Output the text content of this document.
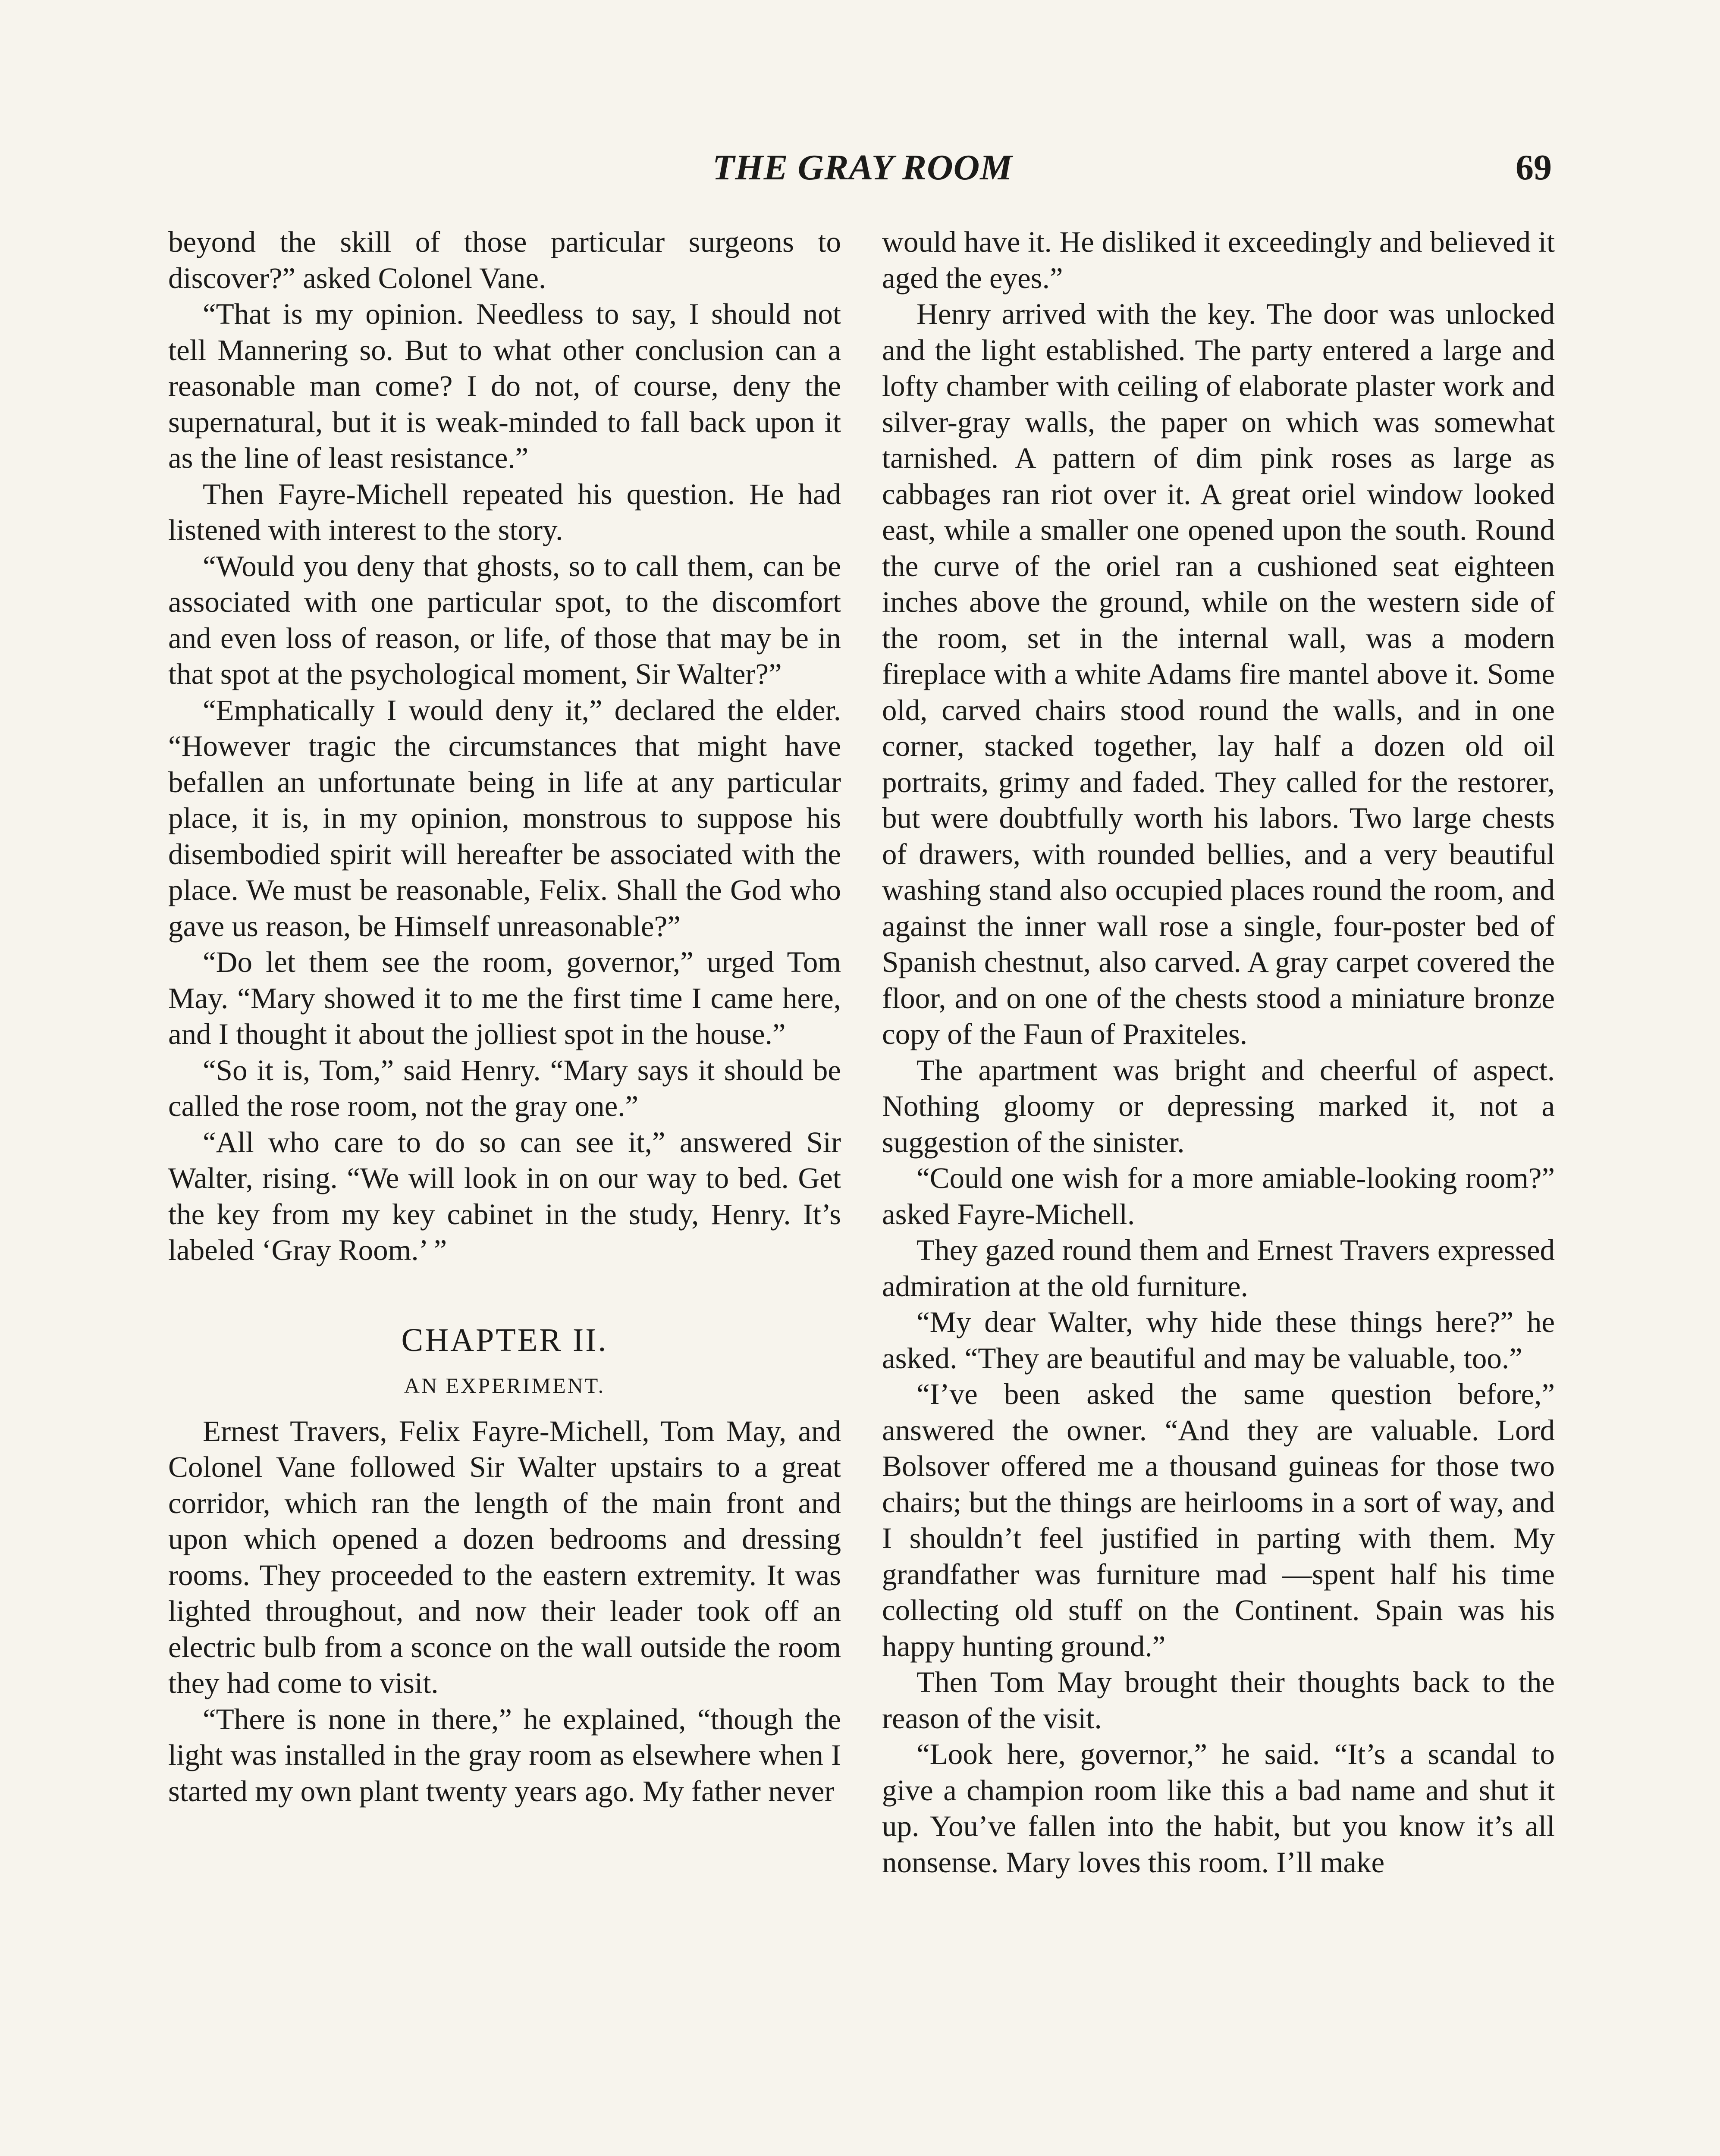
THE GRAY ROOM	69

beyond the skill of those particular surgeons to discover?” asked Colonel Vane.

“That is my opinion. Needless to say, I should not tell Mannering so. But to what other conclusion can a reasonable man come? I do not, of course, deny the supernatural, but it is weak-minded to fall back upon it as the line of least resistance.”

Then Fayre-Michell repeated his question. He had listened with interest to the story.

“Would you deny that ghosts, so to call them, can be associated with one particular spot, to the discomfort and even loss of reason, or life, of those that may be in that spot at the psychological moment, Sir Walter?”

“Emphatically I would deny it,” declared the elder. “However tragic the circumstances that might have befallen an unfortunate being in life at any particular place, it is, in my opinion, monstrous to suppose his disembodied spirit will hereafter be associated with the place. We must be reasonable, Felix. Shall the God who gave us reason, be Himself unreasonable?”

“Do let them see the room, governor,” urged Tom May. “Mary showed it to me the first time I came here, and I thought it about the jolliest spot in the house.”

“So it is, Tom,” said Henry. “Mary says it should be called the rose room, not the gray one.”

“All who care to do so can see it,” answered Sir Walter, rising. “We will look in on our way to bed. Get the key from my key cabinet in the study, Henry. It’s labeled ‘Gray Room.’ ”

CHAPTER II.
AN EXPERIMENT.

Ernest Travers, Felix Fayre-Michell, Tom May, and Colonel Vane followed Sir Walter upstairs to a great corridor, which ran the length of the main front and upon which opened a dozen bedrooms and dressing rooms. They proceeded to the eastern extremity. It was lighted throughout, and now their leader took off an electric bulb from a sconce on the wall outside the room they had come to visit.

“There is none in there,” he explained, “though the light was installed in the gray room as elsewhere when I started my own plant twenty years ago. My father never

would have it. He disliked it exceedingly and believed it aged the eyes.”

Henry arrived with the key. The door was unlocked and the light established. The party entered a large and lofty chamber with ceiling of elaborate plaster work and silver-gray walls, the paper on which was somewhat tarnished. A pattern of dim pink roses as large as cabbages ran riot over it. A great oriel window looked east, while a smaller one opened upon the south. Round the curve of the oriel ran a cushioned seat eighteen inches above the ground, while on the western side of the room, set in the internal wall, was a modern fireplace with a white Adams fire mantel above it. Some old, carved chairs stood round the walls, and in one corner, stacked together, lay half a dozen old oil portraits, grimy and faded. They called for the restorer, but were doubtfully worth his labors. Two large chests of drawers, with rounded bellies, and a very beautiful washing stand also occupied places round the room, and against the inner wall rose a single, four-poster bed of Spanish chestnut, also carved. A gray carpet covered the floor, and on one of the chests stood a miniature bronze copy of the Faun of Praxiteles.

The apartment was bright and cheerful of aspect. Nothing gloomy or depressing marked it, not a suggestion of the sinister.

“Could one wish for a more amiable-looking room?” asked Fayre-Michell.

They gazed round them and Ernest Travers expressed admiration at the old furniture.

“My dear Walter, why hide these things here?” he asked. “They are beautiful and may be valuable, too.”

“I’ve been asked the same question before,” answered the owner. “And they are valuable. Lord Bolsover offered me a thousand guineas for those two chairs; but the things are heirlooms in a sort of way, and I shouldn’t feel justified in parting with them. My grandfather was furniture mad —spent half his time collecting old stuff on the Continent. Spain was his happy hunting ground.”

Then Tom May brought their thoughts back to the reason of the visit.

“Look here, governor,” he said. “It’s a scandal to give a champion room like this a bad name and shut it up. You’ve fallen into the habit, but you know it’s all nonsense. Mary loves this room. I’ll make
